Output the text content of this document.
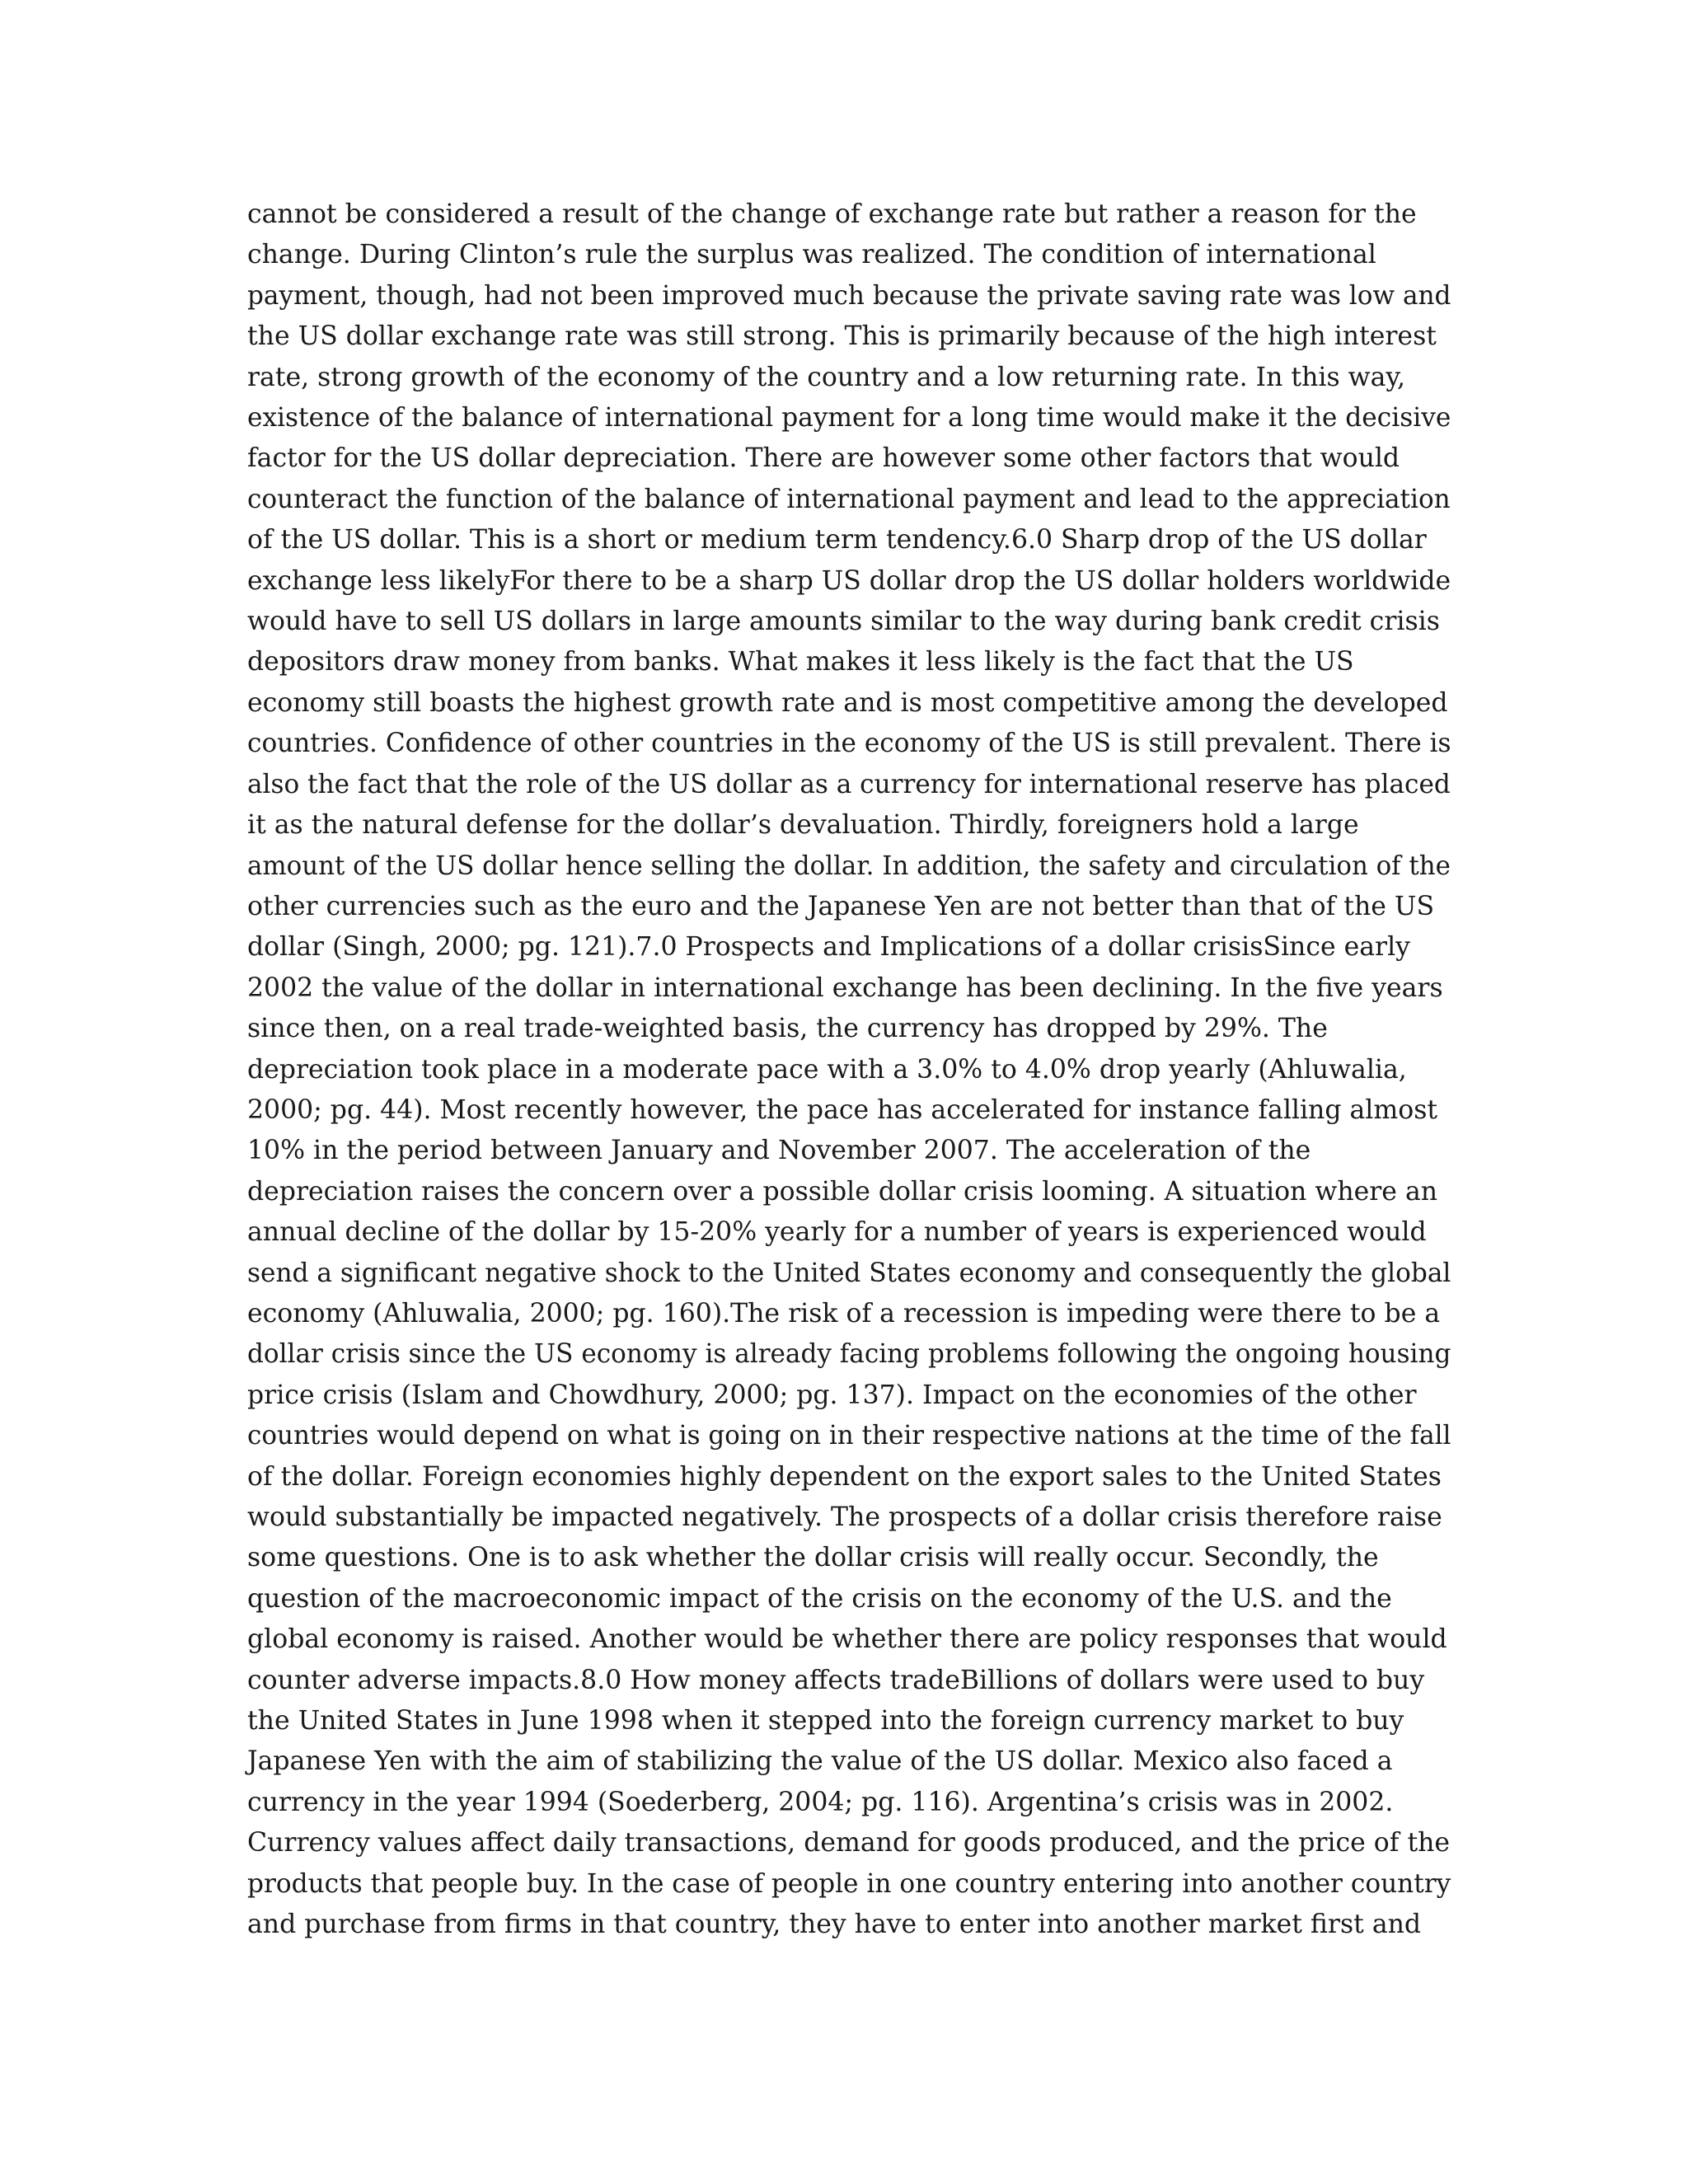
cannot be considered a result of the change of exchange rate but rather a reason for the
change. During Clinton’s rule the surplus was realized. The condition of international
payment, though, had not been improved much because the private saving rate was low and
the US dollar exchange rate was still strong. This is primarily because of the high interest
rate, strong growth of the economy of the country and a low returning rate. In this way,
existence of the balance of international payment for a long time would make it the decisive
factor for the US dollar depreciation. There are however some other factors that would
counteract the function of the balance of international payment and lead to the appreciation
of the US dollar. This is a short or medium term tendency.6.0 Sharp drop of the US dollar
exchange less likelyFor there to be a sharp US dollar drop the US dollar holders worldwide
would have to sell US dollars in large amounts similar to the way during bank credit crisis
depositors draw money from banks. What makes it less likely is the fact that the US
economy still boasts the highest growth rate and is most competitive among the developed
countries. Confidence of other countries in the economy of the US is still prevalent. There is
also the fact that the role of the US dollar as a currency for international reserve has placed
it as the natural defense for the dollar’s devaluation. Thirdly, foreigners hold a large
amount of the US dollar hence selling the dollar. In addition, the safety and circulation of the
other currencies such as the euro and the Japanese Yen are not better than that of the US
dollar (Singh, 2000; pg. 121).7.0 Prospects and Implications of a dollar crisisSince early
2002 the value of the dollar in international exchange has been declining. In the five years
since then, on a real trade-weighted basis, the currency has dropped by 29%. The
depreciation took place in a moderate pace with a 3.0% to 4.0% drop yearly (Ahluwalia,
2000; pg. 44). Most recently however, the pace has accelerated for instance falling almost
10% in the period between January and November 2007. The acceleration of the
depreciation raises the concern over a possible dollar crisis looming. A situation where an
annual decline of the dollar by 15-20% yearly for a number of years is experienced would
send a significant negative shock to the United States economy and consequently the global
economy (Ahluwalia, 2000; pg. 160).The risk of a recession is impeding were there to be a
dollar crisis since the US economy is already facing problems following the ongoing housing
price crisis (Islam and Chowdhury, 2000; pg. 137). Impact on the economies of the other
countries would depend on what is going on in their respective nations at the time of the fall
of the dollar. Foreign economies highly dependent on the export sales to the United States
would substantially be impacted negatively. The prospects of a dollar crisis therefore raise
some questions. One is to ask whether the dollar crisis will really occur. Secondly, the
question of the macroeconomic impact of the crisis on the economy of the U.S. and the
global economy is raised. Another would be whether there are policy responses that would
counter adverse impacts.8.0 How money affects tradeBillions of dollars were used to buy
the United States in June 1998 when it stepped into the foreign currency market to buy
Japanese Yen with the aim of stabilizing the value of the US dollar. Mexico also faced a
currency in the year 1994 (Soederberg, 2004; pg. 116). Argentina’s crisis was in 2002.
Currency values affect daily transactions, demand for goods produced, and the price of the
products that people buy. In the case of people in one country entering into another country
and purchase from firms in that country, they have to enter into another market first and
